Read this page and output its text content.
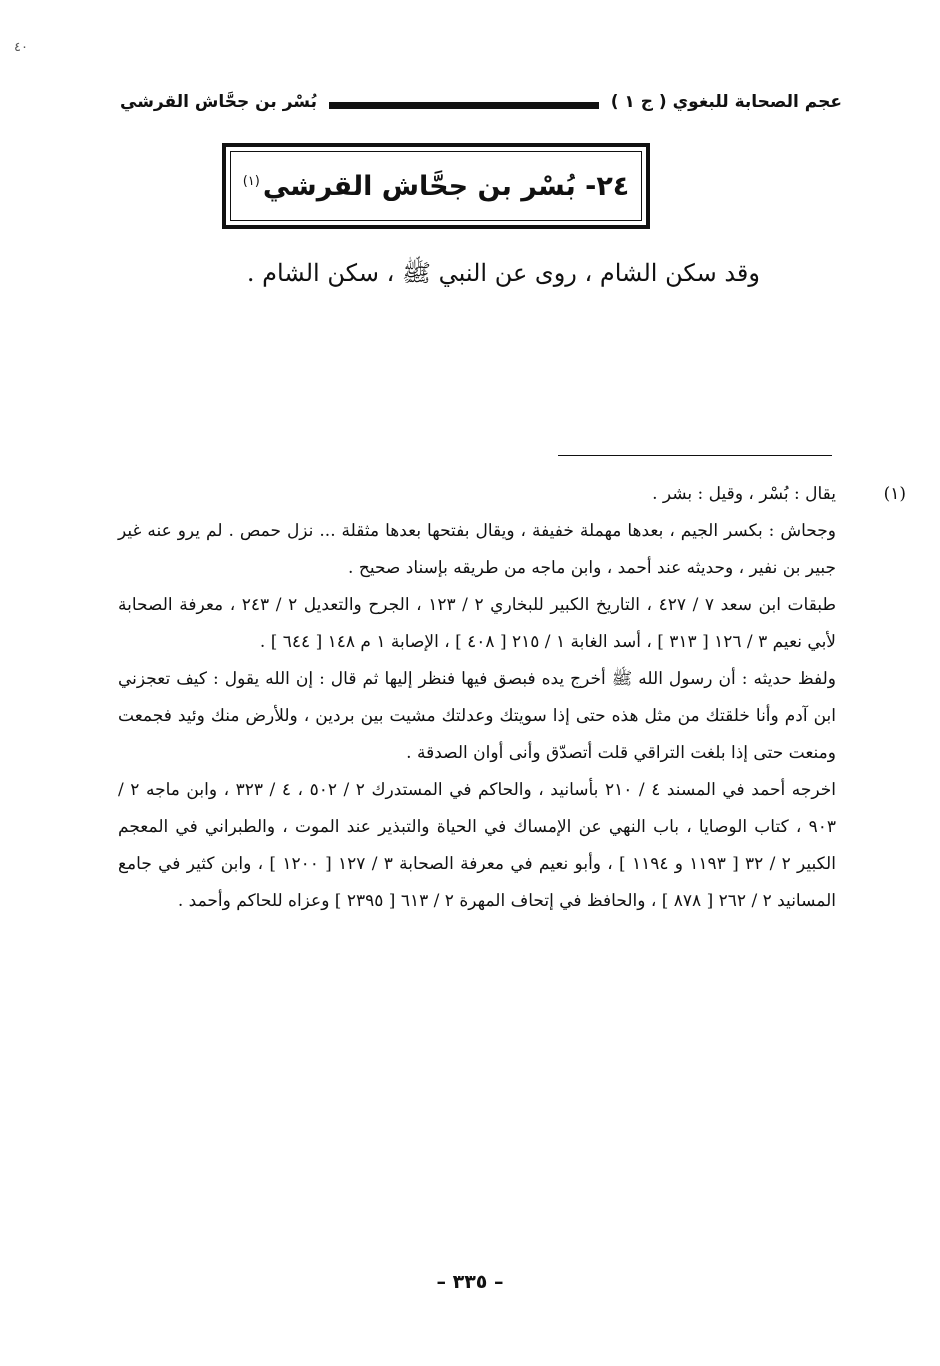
٤٠
عجم الصحابة للبغوي ( ج ١ )
بُسْر بن جحَّاش القرشي
٢٤- بُسْر بن جحَّاش القرشي$^{(١)}$
وقد سكن الشام ، روى عن النبي ﷺ ، سكن الشام .
(١)

يقال : بُسْر ، وقيل : بشر .

وجحاش : بكسر الجيم ، بعدها مهملة خفيفة ، ويقال بفتحها بعدها مثقلة ... نزل حمص . لم يرو عنه غير جبير بن نفير ، وحديثه عند أحمد ، وابن ماجه من طريقه بإسناد صحيح .

طبقات ابن سعد ٧ / ٤٢٧ ، التاريخ الكبير للبخاري ٢ / ١٢٣ ، الجرح والتعديل ٢ / ٢٤٣ ، معرفة الصحابة لأبي نعيم ٣ / ١٢٦ [ ٣١٣ ] ، أسد الغابة ١ / ٢١٥ [ ٤٠٨ ] ، الإصابة ١ م ١٤٨ [ ٦٤٤ ] .

ولفظ حديثه : أن رسول الله ﷺ أخرج يده فبصق فيها فنظر إليها ثم قال : إن الله يقول : كيف تعجزني ابن آدم وأنا خلقتك من مثل هذه حتى إذا سويتك وعدلتك مشيت بين بردين ، وللأرض منك وئيد فجمعت ومنعت حتى إذا بلغت التراقي قلت أتصدّق وأنى أوان الصدقة .

اخرجه أحمد في المسند ٤ / ٢١٠ بأسانيد ، والحاكم في المستدرك ٢ / ٥٠٢ ، ٤ / ٣٢٣ ، وابن ماجه ٢ / ٩٠٣ ، كتاب الوصايا ، باب النهي عن الإمساك في الحياة والتبذير عند الموت ، والطبراني في المعجم الكبير ٢ / ٣٢ [ ١١٩٣ و ١١٩٤ ] ، وأبو نعيم في معرفة الصحابة ٣ / ١٢٧ [ ١٢٠٠ ] ، وابن كثير في جامع المسانيد ٢ / ٢٦٢ [ ٨٧٨ ] ، والحافظ في إتحاف المهرة ٢ / ٦١٣ [ ٢٣٩٥ ] وعزاه للحاكم وأحمد .

– ٣٣٥ –
